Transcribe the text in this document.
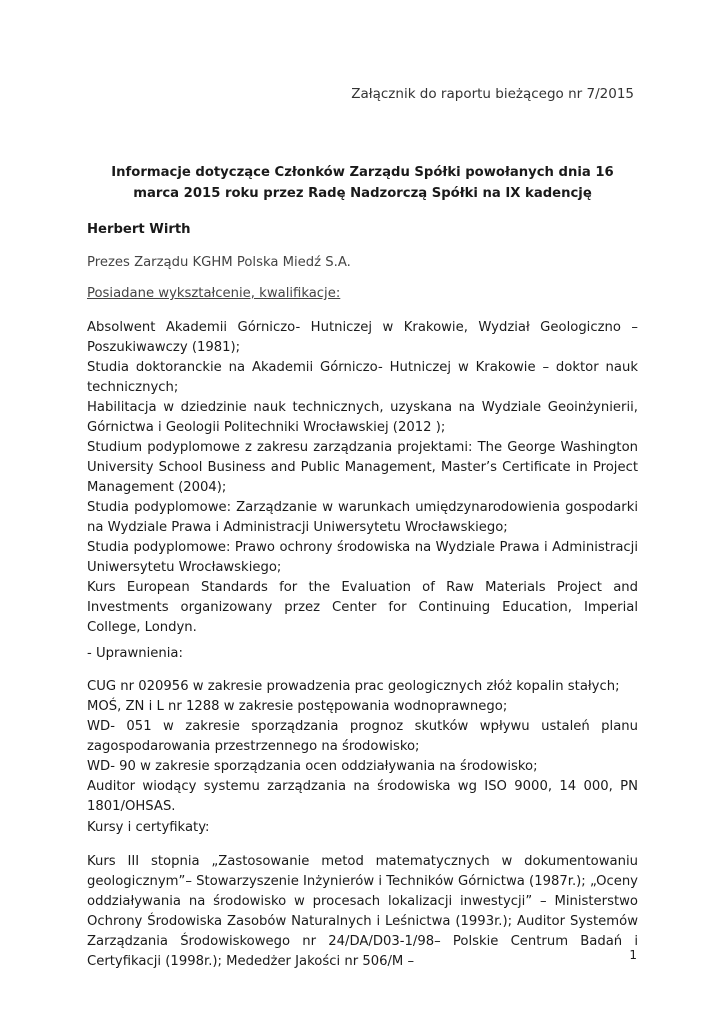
Załącznik do raportu bieżącego nr 7/2015
Informacje dotyczące Członków Zarządu Spółki powołanych dnia 16 marca 2015 roku przez Radę Nadzorczą Spółki na IX kadencję
Herbert Wirth
Prezes Zarządu KGHM Polska Miedź S.A.
Posiadane wykształcenie, kwalifikacje:

Absolwent Akademii Górniczo- Hutniczej w Krakowie, Wydział Geologiczno – Poszukiwawczy (1981);

Studia doktoranckie na Akademii Górniczo- Hutniczej w Krakowie – doktor nauk technicznych;

Habilitacja w dziedzinie nauk technicznych, uzyskana na Wydziale Geoinżynierii, Górnictwa i Geologii Politechniki Wrocławskiej (2012 );

Studium podyplomowe z zakresu zarządzania projektami: The George Washington University School Business and Public Management, Master’s Certificate in Project Management (2004);

Studia podyplomowe: Zarządzanie w warunkach umiędzynarodowienia gospodarki na Wydziale Prawa i Administracji Uniwersytetu Wrocławskiego;

Studia podyplomowe: Prawo ochrony środowiska na Wydziale Prawa i Administracji Uniwersytetu Wrocławskiego;

Kurs European Standards for the Evaluation of Raw Materials Project and Investments organizowany przez Center for Continuing Education, Imperial College, Londyn.

- Uprawnienia:

CUG nr 020956 w zakresie prowadzenia prac geologicznych złóż kopalin stałych;

MOŚ, ZN i L nr 1288 w zakresie postępowania wodnoprawnego;

WD- 051 w zakresie sporządzania prognoz skutków wpływu ustaleń planu zagospodarowania przestrzennego na środowisko;

WD- 90 w zakresie sporządzania ocen oddziaływania na środowisko;

Auditor wiodący systemu zarządzania na środowiska wg ISO 9000, 14 000, PN 1801/OHSAS.

Kursy i certyfikaty:

Kurs III stopnia „Zastosowanie metod matematycznych w dokumentowaniu geologicznym”– Stowarzyszenie Inżynierów i Techników Górnictwa (1987r.); „Oceny oddziaływania na środowisko w procesach lokalizacji inwestycji” – Ministerstwo Ochrony Środowiska Zasobów Naturalnych i Leśnictwa (1993r.); Auditor Systemów Zarządzania Środowiskowego nr 24/DA/D03-1/98– Polskie Centrum Badań i Certyfikacji (1998r.); Mededżer Jakości nr 506/M –	1
